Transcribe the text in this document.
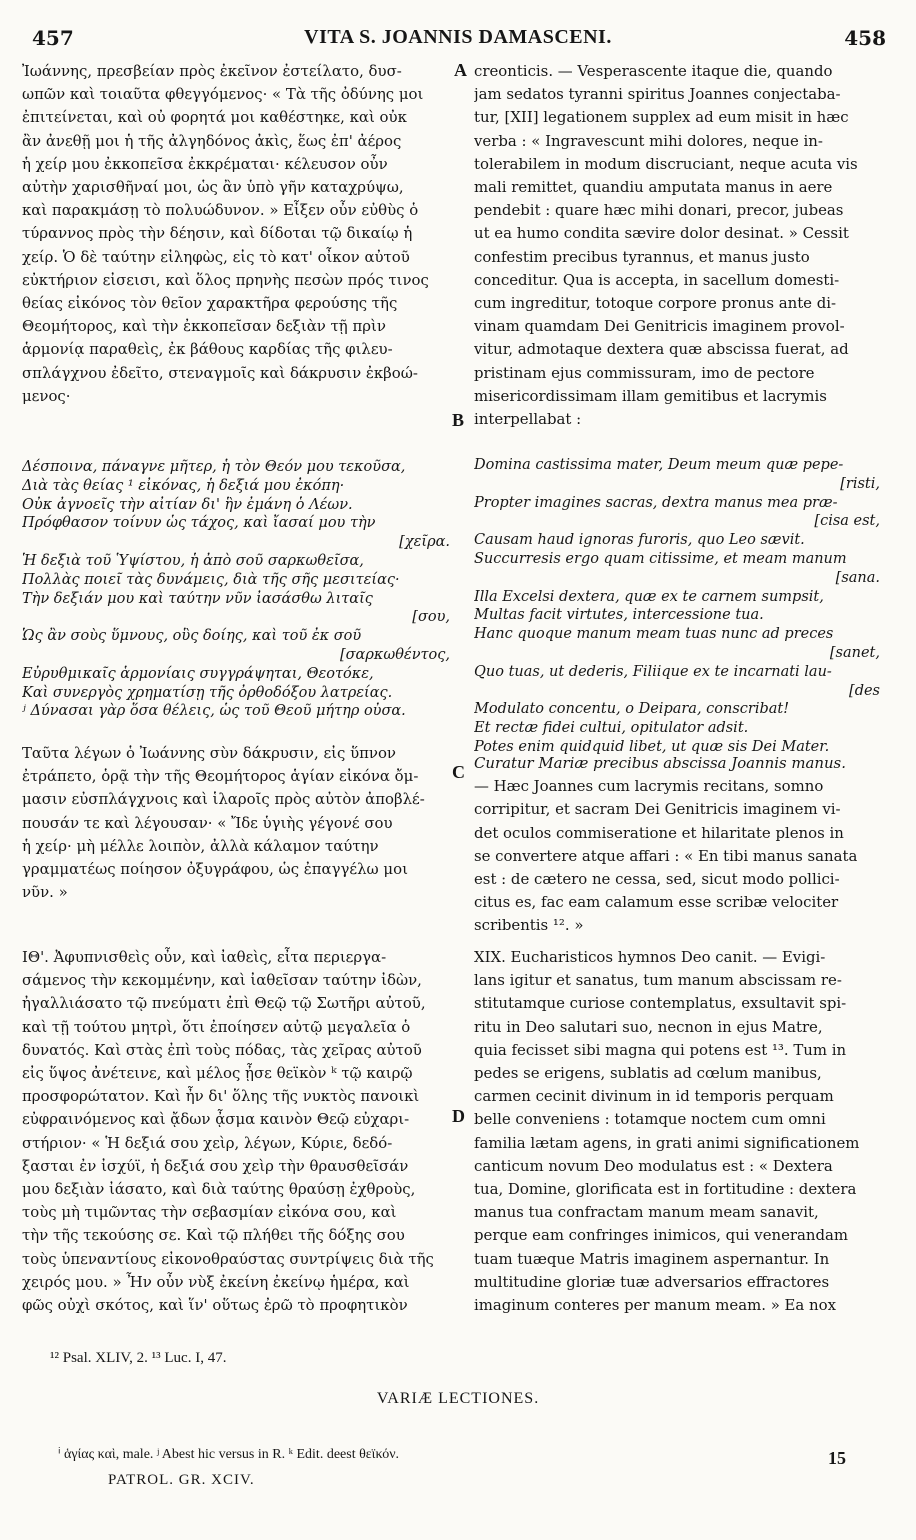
457	VITA S. JOANNIS DAMASCENI.	458
A
B
C
D
Ἰωάννης, πρεσβείαν πρὸς ἐκεῖνον ἐστείλατο, δυσ-
ωπῶν καὶ τοιαῦτα φθεγγόμενος· « Τὰ τῆς ὀδύνης μοι
ἐπιτείνεται, καὶ οὐ φορητά μοι καθέστηκε, καὶ οὐκ
ἂν ἀνεθῇ μοι ἡ τῆς ἀλγηδόνος ἀκὶς, ἕως ἐπ' ἀέρος
ἡ χείρ μου ἐκκοπεῖσα ἐκκρέμαται· κέλευσον οὖν
αὐτὴν χαρισθῆναί μοι, ὡς ἂν ὑπὸ γῆν καταχρύψω,
καὶ παρακμάσῃ τὸ πολυώδυνον. » Εἶξεν οὖν εὐθὺς ὁ
τύραννος πρὸς τὴν δέησιν, καὶ δίδοται τῷ δικαίῳ ἡ
χείρ. Ὁ δὲ ταύτην εἰληφὼς, εἰς τὸ κατ' οἶκον αὐτοῦ
εὐκτήριον εἰσεισι, καὶ ὅλος πρηνὴς πεσὼν πρός τινος
θείας εἰκόνος τὸν θεῖον χαρακτῆρα φερούσης τῆς
Θεομήτορος, καὶ τὴν ἐκκοπεῖσαν δεξιὰν τῇ πρὶν
ἁρμονίᾳ παραθεὶς, ἐκ βάθους καρδίας τῆς φιλευ-
σπλάγχνου ἐδεῖτο, στεναγμοῖς καὶ δάκρυσιν ἐκβοώ-
μενος·
Δέσποινα, πάναγνε μῆτερ, ἡ τὸν Θεόν μου τεκοῦσα,
Διὰ τὰς θείας ¹ εἰκόνας, ἡ δεξιά μου ἐκόπη·
Οὐκ ἀγνοεῖς τὴν αἰτίαν δι' ἣν ἐμάνη ὁ Λέων.
Πρόφθασον τοίνυν ὡς τάχος, καὶ ἴασαί μου τὴν
[χεῖρα.
Ἡ δεξιὰ τοῦ Ὑψίστου, ἡ ἀπὸ σοῦ σαρκωθεῖσα,
Πολλὰς ποιεῖ τὰς δυνάμεις, διὰ τῆς σῆς μεσιτείας·
Τὴν δεξιάν μου καὶ ταύτην νῦν ἰασάσθω λιταῖς
[σου,
Ὡς ἂν σοὺς ὕμνους, οὓς δοίης, καὶ τοῦ ἐκ σοῦ
[σαρκωθέντος,
Εὐρυθμικαῖς ἁρμονίαις συγγράψηται, Θεοτόκε,
Καὶ συνεργὸς χρηματίσῃ τῆς ὀρθοδόξου λατρείας.
ʲ Δύνασαι γὰρ ὅσα θέλεις, ὡς τοῦ Θεοῦ μήτηρ οὖσα.
Ταῦτα λέγων ὁ Ἰωάννης σὺν δάκρυσιν, εἰς ὕπνον
ἐτράπετο, ὁρᾷ τὴν τῆς Θεομήτορος ἁγίαν εἰκόνα ὄμ-
μασιν εὐσπλάγχνοις καὶ ἱλαροῖς πρὸς αὐτὸν ἀποβλέ-
πουσάν τε καὶ λέγουσαν· « Ἴδε ὑγιὴς γέγονέ σου
ἡ χείρ· μὴ μέλλε λοιπὸν, ἀλλὰ κάλαμον ταύτην
γραμματέως ποίησον ὀξυγράφου, ὡς ἐπαγγέλω μοι
νῦν. »
ΙΘ'. Ἀφυπνισθεὶς οὖν, καὶ ἰαθεὶς, εἶτα περιεργα-
σάμενος τὴν κεκομμένην, καὶ ἰαθεῖσαν ταύτην ἰδὼν,
ἠγαλλιάσατο τῷ πνεύματι ἐπὶ Θεῷ τῷ Σωτῆρι αὐτοῦ,
καὶ τῇ τούτου μητρὶ, ὅτι ἐποίησεν αὐτῷ μεγαλεῖα ὁ
δυνατός. Καὶ στὰς ἐπὶ τοὺς πόδας, τὰς χεῖρας αὐτοῦ
εἰς ὕψος ἀνέτεινε, καὶ μέλος ᾖσε θεϊκὸν ᵏ τῷ καιρῷ
προσφορώτατον. Καὶ ἦν δι' ὅλης τῆς νυκτὸς πανοικὶ
εὐφραινόμενος καὶ ᾄδων ᾆσμα καινὸν Θεῷ εὐχαρι-
στήριον· « Ἡ δεξιά σου χεὶρ, λέγων, Κύριε, δεδό-
ξασται ἐν ἰσχύϊ, ἡ δεξιά σου χεὶρ τὴν θραυσθεῖσάν
μου δεξιὰν ἰάσατο, καὶ διὰ ταύτης θραύσῃ ἐχθροὺς,
τοὺς μὴ τιμῶντας τὴν σεβασμίαν εἰκόνα σου, καὶ
τὴν τῆς τεκούσης σε. Καὶ τῷ πλήθει τῆς δόξης σου
τοὺς ὑπεναντίους εἰκονοθραύστας συντρίψεις διὰ τῆς
χειρός μου. » Ἦν οὖν νὺξ ἐκείνη ἐκείνῳ ἡμέρα, καὶ
φῶς οὐχὶ σκότος, καὶ ἵν' οὕτως ἐρῶ τὸ προφητικὸν
creonticis. — Vesperascente itaque die, quando
jam sedatos tyranni spiritus Joannes conjectaba-
tur, [XII] legationem supplex ad eum misit in hæc
verba : « Ingravescunt mihi dolores, neque in-
tolerabilem in modum discruciant, neque acuta vis
mali remittet, quandiu amputata manus in aere
pendebit : quare hæc mihi donari, precor, jubeas
ut ea humo condita sævire dolor desinat. » Cessit
confestim precibus tyrannus, et manus justo
conceditur. Qua is accepta, in sacellum domesti-
cum ingreditur, totoque corpore pronus ante di-
vinam quamdam Dei Genitricis imaginem provol-
vitur, admotaque dextera quæ abscissa fuerat, ad
pristinam ejus commissuram, imo de pectore
misericordissimam illam gemitibus et lacrymis
interpellabat :
Domina castissima mater, Deum meum quæ pepe-
[risti,
Propter imagines sacras, dextra manus mea præ-
[cisa est,
Causam haud ignoras furoris, quo Leo sævit.
Succurresis ergo quam citissime, et meam manum
[sana.
Illa Excelsi dextera, quæ ex te carnem sumpsit,
Multas facit virtutes, intercessione tua.
Hanc quoque manum meam tuas nunc ad preces
[sanet,
Quo tuas, ut dederis, Filiique ex te incarnati lau-
[des
Modulato concentu, o Deipara, conscribat!
Et rectæ fidei cultui, opitulator adsit.
Potes enim quidquid libet, ut quæ sis Dei Mater.
Curatur Mariæ precibus abscissa Joannis manus.
— Hæc Joannes cum lacrymis recitans, somno
corripitur, et sacram Dei Genitricis imaginem vi-
det oculos commiseratione et hilaritate plenos in
se convertere atque affari : « En tibi manus sanata
est : de cætero ne cessa, sed, sicut modo pollici-
citus es, fac eam calamum esse scribæ velociter
scribentis ¹². »
XIX. Eucharisticos hymnos Deo canit. — Evigi-
lans igitur et sanatus, tum manum abscissam re-
stitutamque curiose contemplatus, exsultavit spi-
ritu in Deo salutari suo, necnon in ejus Matre,
quia fecisset sibi magna qui potens est ¹³. Tum in
pedes se erigens, sublatis ad cœlum manibus,
carmen cecinit divinum in id temporis perquam
belle conveniens : totamque noctem cum omni
familia lætam agens, in grati animi significationem
canticum novum Deo modulatus est : « Dextera
tua, Domine, glorificata est in fortitudine : dextera
manus tua confractam manum meam sanavit,
perque eam confringes inimicos, qui venerandam
tuam tuæque Matris imaginem aspernantur. In
multitudine gloriæ tuæ adversarios effractores
imaginum conteres per manum meam. » Ea nox
¹² Psal. XLIV, 2. ¹³ Luc. I, 47.
VARIÆ LECTIONES.
ⁱ ἁγίας καὶ, male. ʲ Abest hic versus in R. ᵏ Edit. deest θεϊκόν.
PATROL. GR. XCIV.
15
